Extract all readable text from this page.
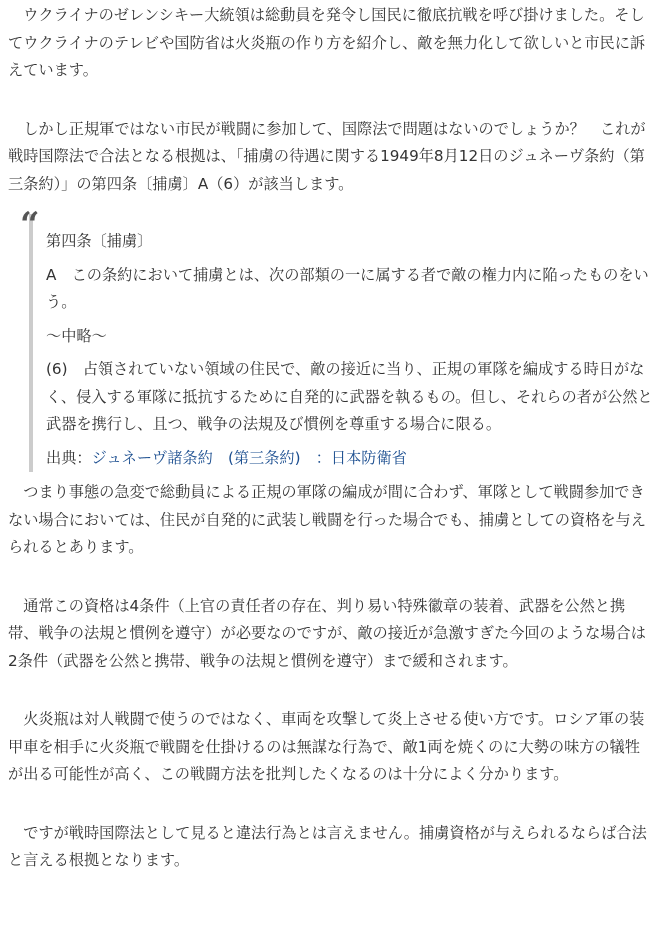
ウクライナのゼレンシキー大統領は総動員を発令し国民に徹底抗戦を呼び掛けました。そしてウクライナのテレビや国防省は火炎瓶の作り方を紹介し、敵を無力化して欲しいと市民に訴えています。

しかし正規軍ではない市民が戦闘に参加して、国際法で問題はないのでしょうか？　これが戦時国際法で合法となる根拠は、「捕虜の待遇に関する1949年8月12日のジュネーヴ条約（第三条約）」の第四条〔捕虜〕A（6）が該当します。

“ 第四条〔捕虜〕

A　この条約において捕虜とは、次の部類の一に属する者で敵の権力内に陥ったものをいう。

～中略～

(6)　占領されていない領域の住民で、敵の接近に当り、正規の軍隊を編成する時日がなく、侵入する軍隊に抵抗するために自発的に武器を執るもの。但し、それらの者が公然と武器を携行し、且つ、戦争の法規及び慣例を尊重する場合に限る。

出典：ジュネーヴ諸条約　(第三条約)　：日本防衛省

つまり事態の急変で総動員による正規の軍隊の編成が間に合わず、軍隊として戦闘参加できない場合においては、住民が自発的に武装し戦闘を行った場合でも、捕虜としての資格を与えられるとあります。

通常この資格は4条件（上官の責任者の存在、判り易い特殊徽章の装着、武器を公然と携帯、戦争の法規と慣例を遵守）が必要なのですが、敵の接近が急激すぎた今回のような場合は2条件（武器を公然と携帯、戦争の法規と慣例を遵守）まで緩和されます。

火炎瓶は対人戦闘で使うのではなく、車両を攻撃して炎上させる使い方です。ロシア軍の装甲車を相手に火炎瓶で戦闘を仕掛けるのは無謀な行為で、敵1両を焼くのに大勢の味方の犠牲が出る可能性が高く、この戦闘方法を批判したくなるのは十分によく分かります。

ですが戦時国際法として見ると違法行為とは言えません。捕虜資格が与えられるならば合法と言える根拠となります。
